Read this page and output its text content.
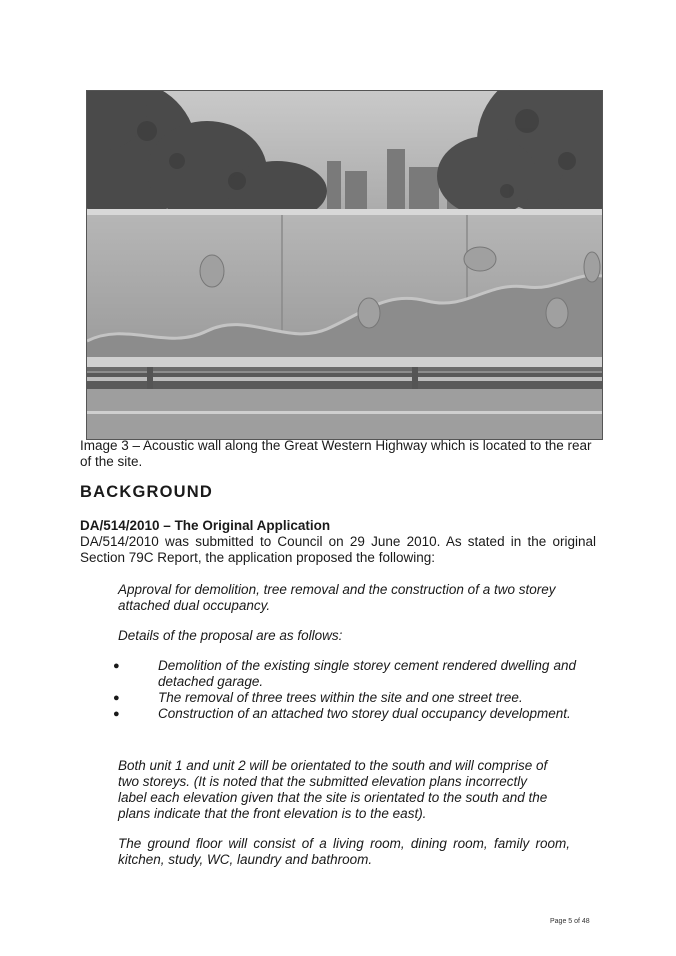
Image 3 – Acoustic wall along the Great Western Highway which is located to the rear of the site.
BACKGROUND
DA/514/2010 – The Original Application
DA/514/2010 was submitted to Council on 29 June 2010. As stated in the original Section 79C Report, the application proposed the following:
Approval for demolition, tree removal and the construction of a two storey attached dual occupancy.
Details of the proposal are as follows:
●	Demolition of the existing single storey cement rendered dwelling and detached garage.
●	The removal of three trees within the site and one street tree.
●	Construction of an attached two storey dual occupancy development.
Both unit 1 and unit 2 will be orientated to the south and will comprise of two storeys. (It is noted that the submitted elevation plans incorrectly label each elevation given that the site is orientated to the south and the plans indicate that the front elevation is to the east).
The ground floor will consist of a living room, dining room, family room, kitchen, study, WC, laundry and bathroom.
Page 5 of 48
